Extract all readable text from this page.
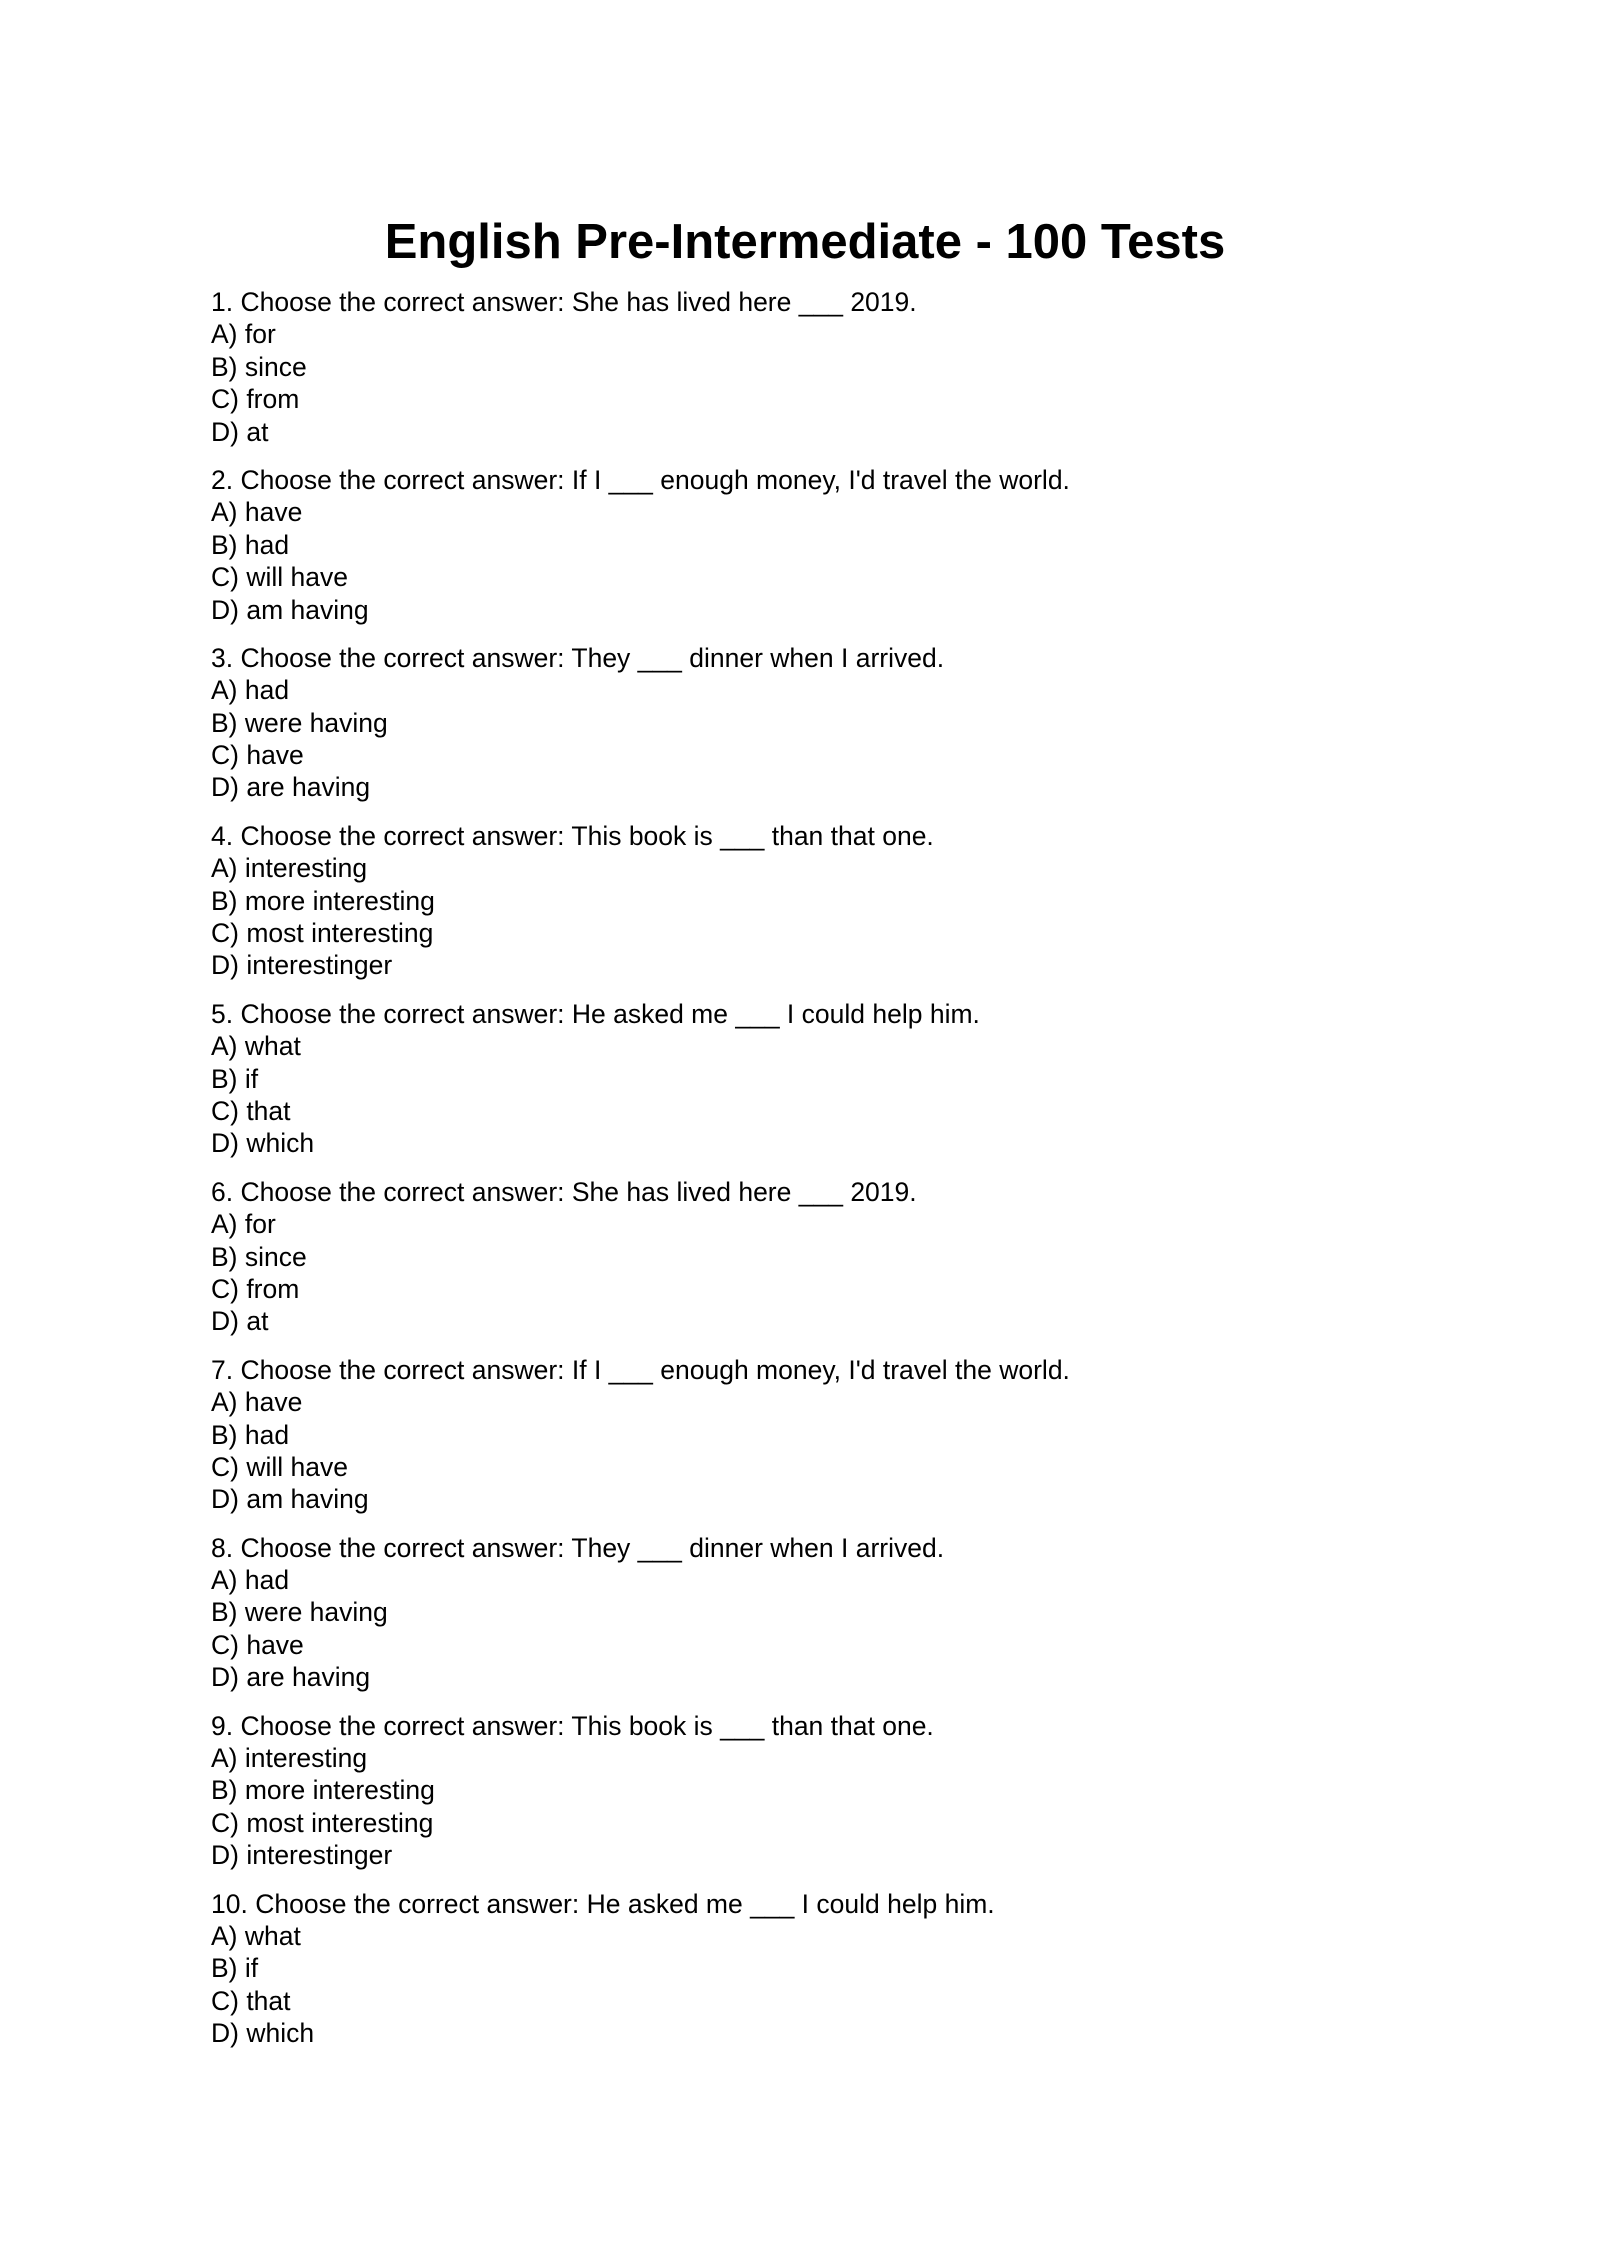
English Pre-Intermediate - 100 Tests
1. Choose the correct answer: She has lived here ___ 2019.
A) for
B) since
C) from
D) at
2. Choose the correct answer: If I ___ enough money, I'd travel the world.
A) have
B) had
C) will have
D) am having
3. Choose the correct answer: They ___ dinner when I arrived.
A) had
B) were having
C) have
D) are having
4. Choose the correct answer: This book is ___ than that one.
A) interesting
B) more interesting
C) most interesting
D) interestinger
5. Choose the correct answer: He asked me ___ I could help him.
A) what
B) if
C) that
D) which
6. Choose the correct answer: She has lived here ___ 2019.
A) for
B) since
C) from
D) at
7. Choose the correct answer: If I ___ enough money, I'd travel the world.
A) have
B) had
C) will have
D) am having
8. Choose the correct answer: They ___ dinner when I arrived.
A) had
B) were having
C) have
D) are having
9. Choose the correct answer: This book is ___ than that one.
A) interesting
B) more interesting
C) most interesting
D) interestinger
10. Choose the correct answer: He asked me ___ I could help him.
A) what
B) if
C) that
D) which
